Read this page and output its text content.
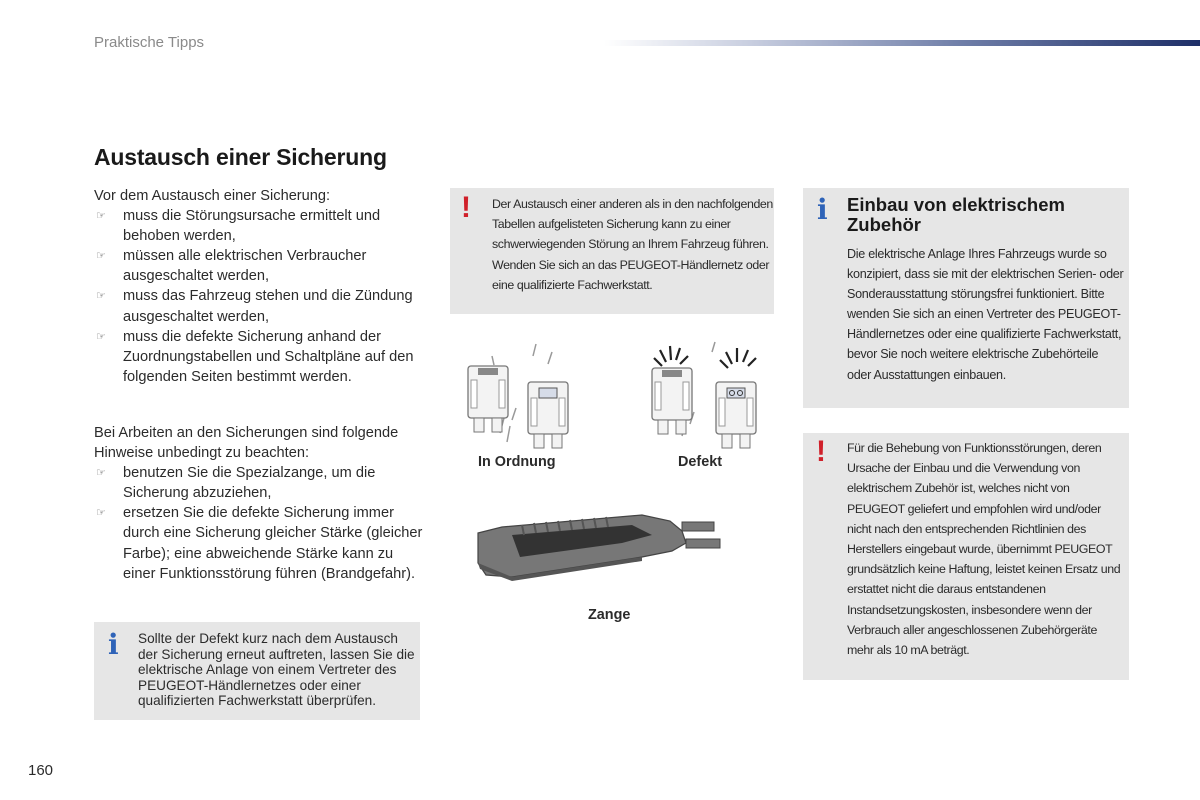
Praktische Tipps
Austausch einer Sicherung
Vor dem Austausch einer Sicherung:
☞ muss die Störungsursache ermittelt und behoben werden,
☞ müssen alle elektrischen Verbraucher ausgeschaltet werden,
☞ muss das Fahrzeug stehen und die Zündung ausgeschaltet werden,
☞ muss die defekte Sicherung anhand der Zuordnungstabellen und Schaltpläne auf den folgenden Seiten bestimmt werden.
Bei Arbeiten an den Sicherungen sind folgende Hinweise unbedingt zu beachten:
☞ benutzen Sie die Spezialzange, um die Sicherung abzuziehen,
☞ ersetzen Sie die defekte Sicherung immer durch eine Sicherung gleicher Stärke (gleicher Farbe); eine abweichende Stärke kann zu einer Funktionsstörung führen (Brandgefahr).
i Sollte der Defekt kurz nach dem Austausch der Sicherung erneut auftreten, lassen Sie die elektrische Anlage von einem Vertreter des PEUGEOT-Händlernetzes oder einer qualifizierten Fachwerkstatt überprüfen.
! Der Austausch einer anderen als in den nachfolgenden Tabellen aufgelisteten Sicherung kann zu einer schwerwiegenden Störung an Ihrem Fahrzeug führen. Wenden Sie sich an das PEUGEOT-Händlernetz oder eine qualifizierte Fachwerkstatt.
In Ordnung	Defekt
Zange
i Einbau von elektrischem Zubehör
Die elektrische Anlage Ihres Fahrzeugs wurde so konzipiert, dass sie mit der elektrischen Serien- oder Sonderausstattung störungsfrei funktioniert. Bitte wenden Sie sich an einen Vertreter des PEUGEOT-Händlernetzes oder eine qualifizierte Fachwerkstatt, bevor Sie noch weitere elektrische Zubehörteile oder Ausstattungen einbauen.
! Für die Behebung von Funktionsstörungen, deren Ursache der Einbau und die Verwendung von elektrischem Zubehör ist, welches nicht von PEUGEOT geliefert und empfohlen wird und/oder nicht nach den entsprechenden Richtlinien des Herstellers eingebaut wurde, übernimmt PEUGEOT grundsätzlich keine Haftung, leistet keinen Ersatz und erstattet nicht die daraus entstandenen Instandsetzungskosten, insbesondere wenn der Verbrauch aller angeschlossenen Zubehörgeräte mehr als 10 mA beträgt.
160
